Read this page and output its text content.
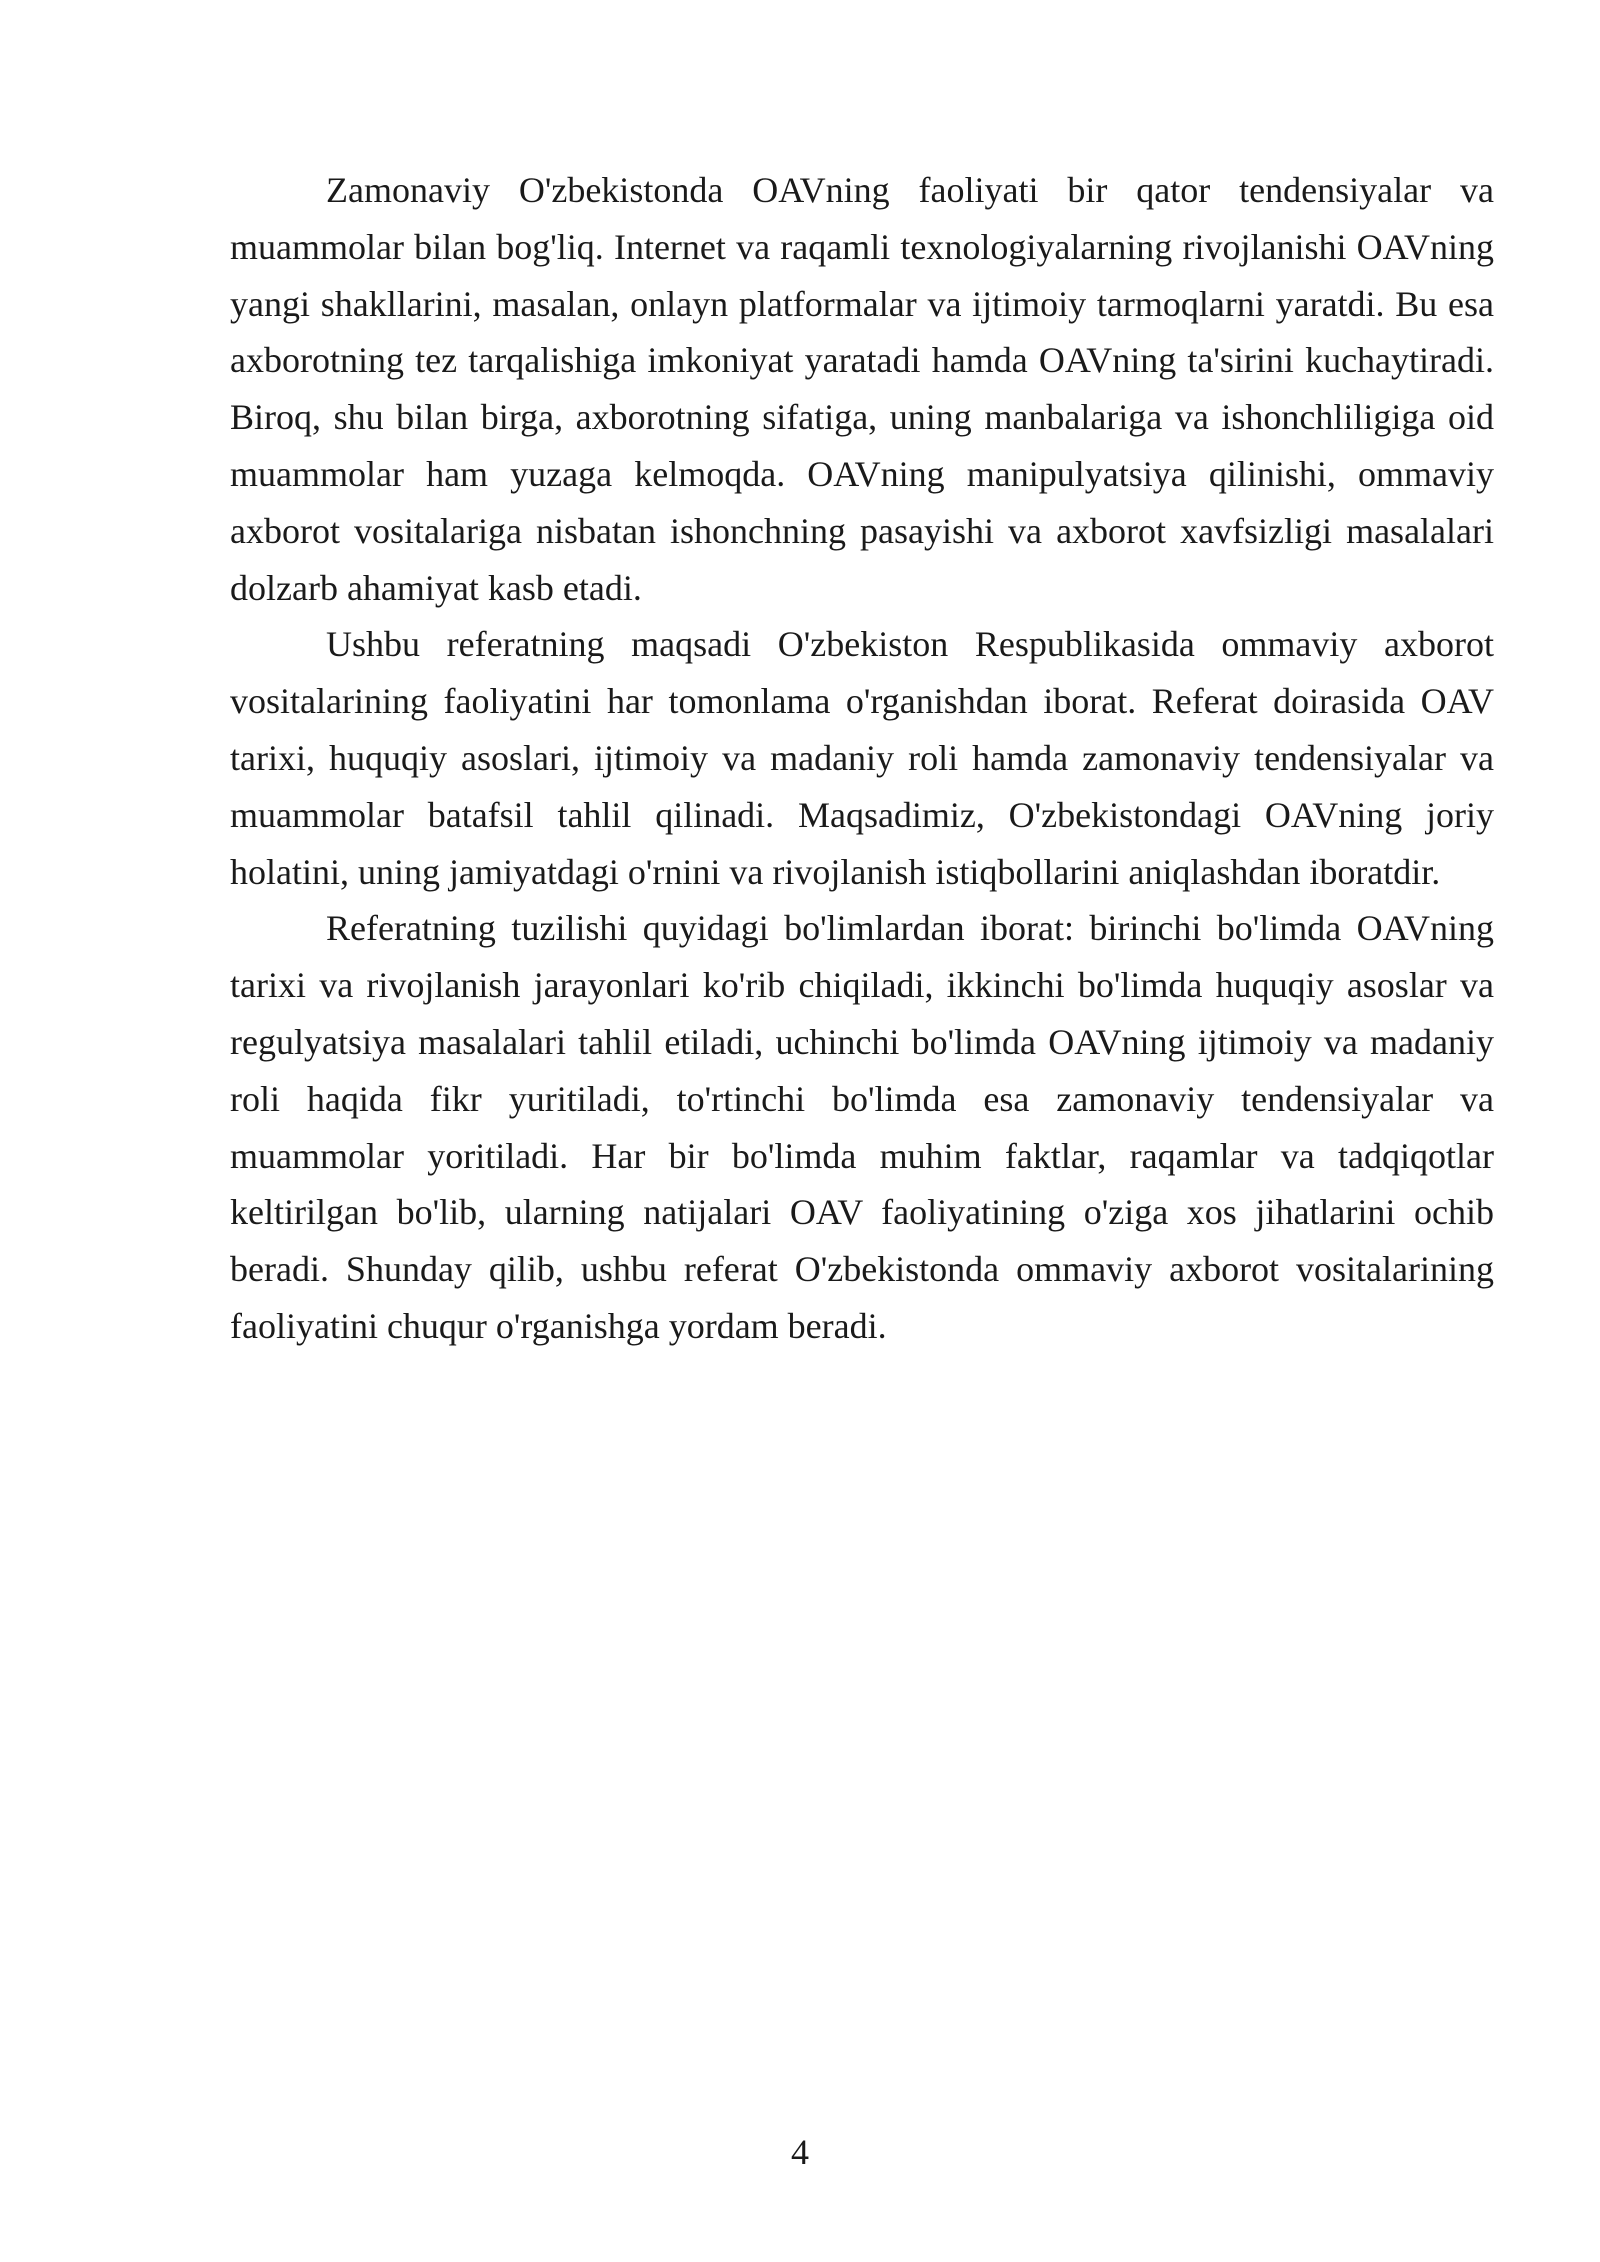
Zamonaviy O'zbekistonda OAVning faoliyati bir qator tendensiyalar va muammolar bilan bog'liq. Internet va raqamli texnologiyalarning rivojlanishi OAVning yangi shakllarini, masalan, onlayn platformalar va ijtimoiy tarmoqlarni yaratdi. Bu esa axborotning tez tarqalishiga imkoniyat yaratadi hamda OAVning ta'sirini kuchaytiradi. Biroq, shu bilan birga, axborotning sifatiga, uning manbalariga va ishonchliligiga oid muammolar ham yuzaga kelmoqda. OAVning manipulyatsiya qilinishi, ommaviy axborot vositalariga nisbatan ishonchning pasayishi va axborot xavfsizligi masalalari dolzarb ahamiyat kasb etadi.

Ushbu referatning maqsadi O'zbekiston Respublikasida ommaviy axborot vositalarining faoliyatini har tomonlama o'rganishdan iborat. Referat doirasida OAV tarixi, huquqiy asoslari, ijtimoiy va madaniy roli hamda zamonaviy tendensiyalar va muammolar batafsil tahlil qilinadi. Maqsadimiz, O'zbekistondagi OAVning joriy holatini, uning jamiyatdagi o'rnini va rivojlanish istiqbollarini aniqlashdan iboratdir.

Referatning tuzilishi quyidagi bo'limlardan iborat: birinchi bo'limda OAVning tarixi va rivojlanish jarayonlari ko'rib chiqiladi, ikkinchi bo'limda huquqiy asoslar va regulyatsiya masalalari tahlil etiladi, uchinchi bo'limda OAVning ijtimoiy va madaniy roli haqida fikr yuritiladi, to'rtinchi bo'limda esa zamonaviy tendensiyalar va muammolar yoritiladi. Har bir bo'limda muhim faktlar, raqamlar va tadqiqotlar keltirilgan bo'lib, ularning natijalari OAV faoliyatining o'ziga xos jihatlarini ochib beradi. Shunday qilib, ushbu referat O'zbekistonda ommaviy axborot vositalarining faoliyatini chuqur o'rganishga yordam beradi.

4
